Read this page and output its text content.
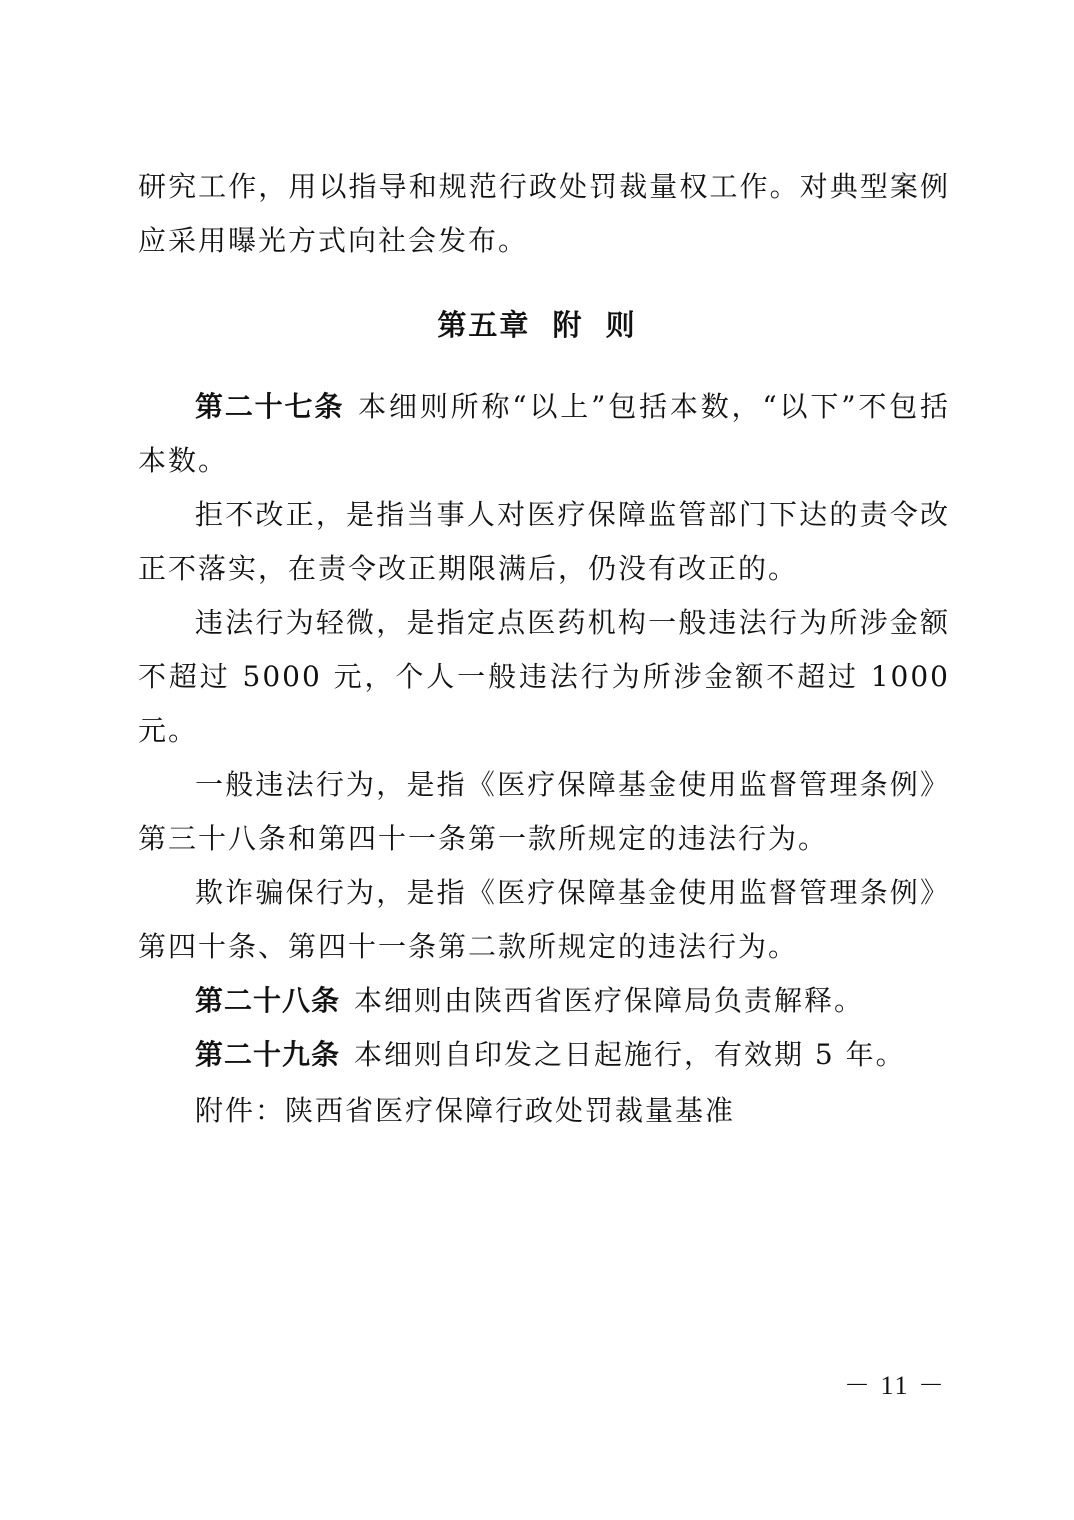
研究工作，用以指导和规范行政处罚裁量权工作。对典型案例应采用曝光方式向社会发布。

第五章 附 则

第二十七条 本细则所称“以上”包括本数，“以下”不包括本数。

拒不改正，是指当事人对医疗保障监管部门下达的责令改正不落实，在责令改正期限满后，仍没有改正的。

违法行为轻微，是指定点医药机构一般违法行为所涉金额不超过 5000 元，个人一般违法行为所涉金额不超过 1000 元。

一般违法行为，是指《医疗保障基金使用监督管理条例》第三十八条和第四十一条第一款所规定的违法行为。

欺诈骗保行为，是指《医疗保障基金使用监督管理条例》第四十条、第四十一条第二款所规定的违法行为。

第二十八条 本细则由陕西省医疗保障局负责解释。

第二十九条 本细则自印发之日起施行，有效期 5 年。

附件：陕西省医疗保障行政处罚裁量基准
－ 11 －
